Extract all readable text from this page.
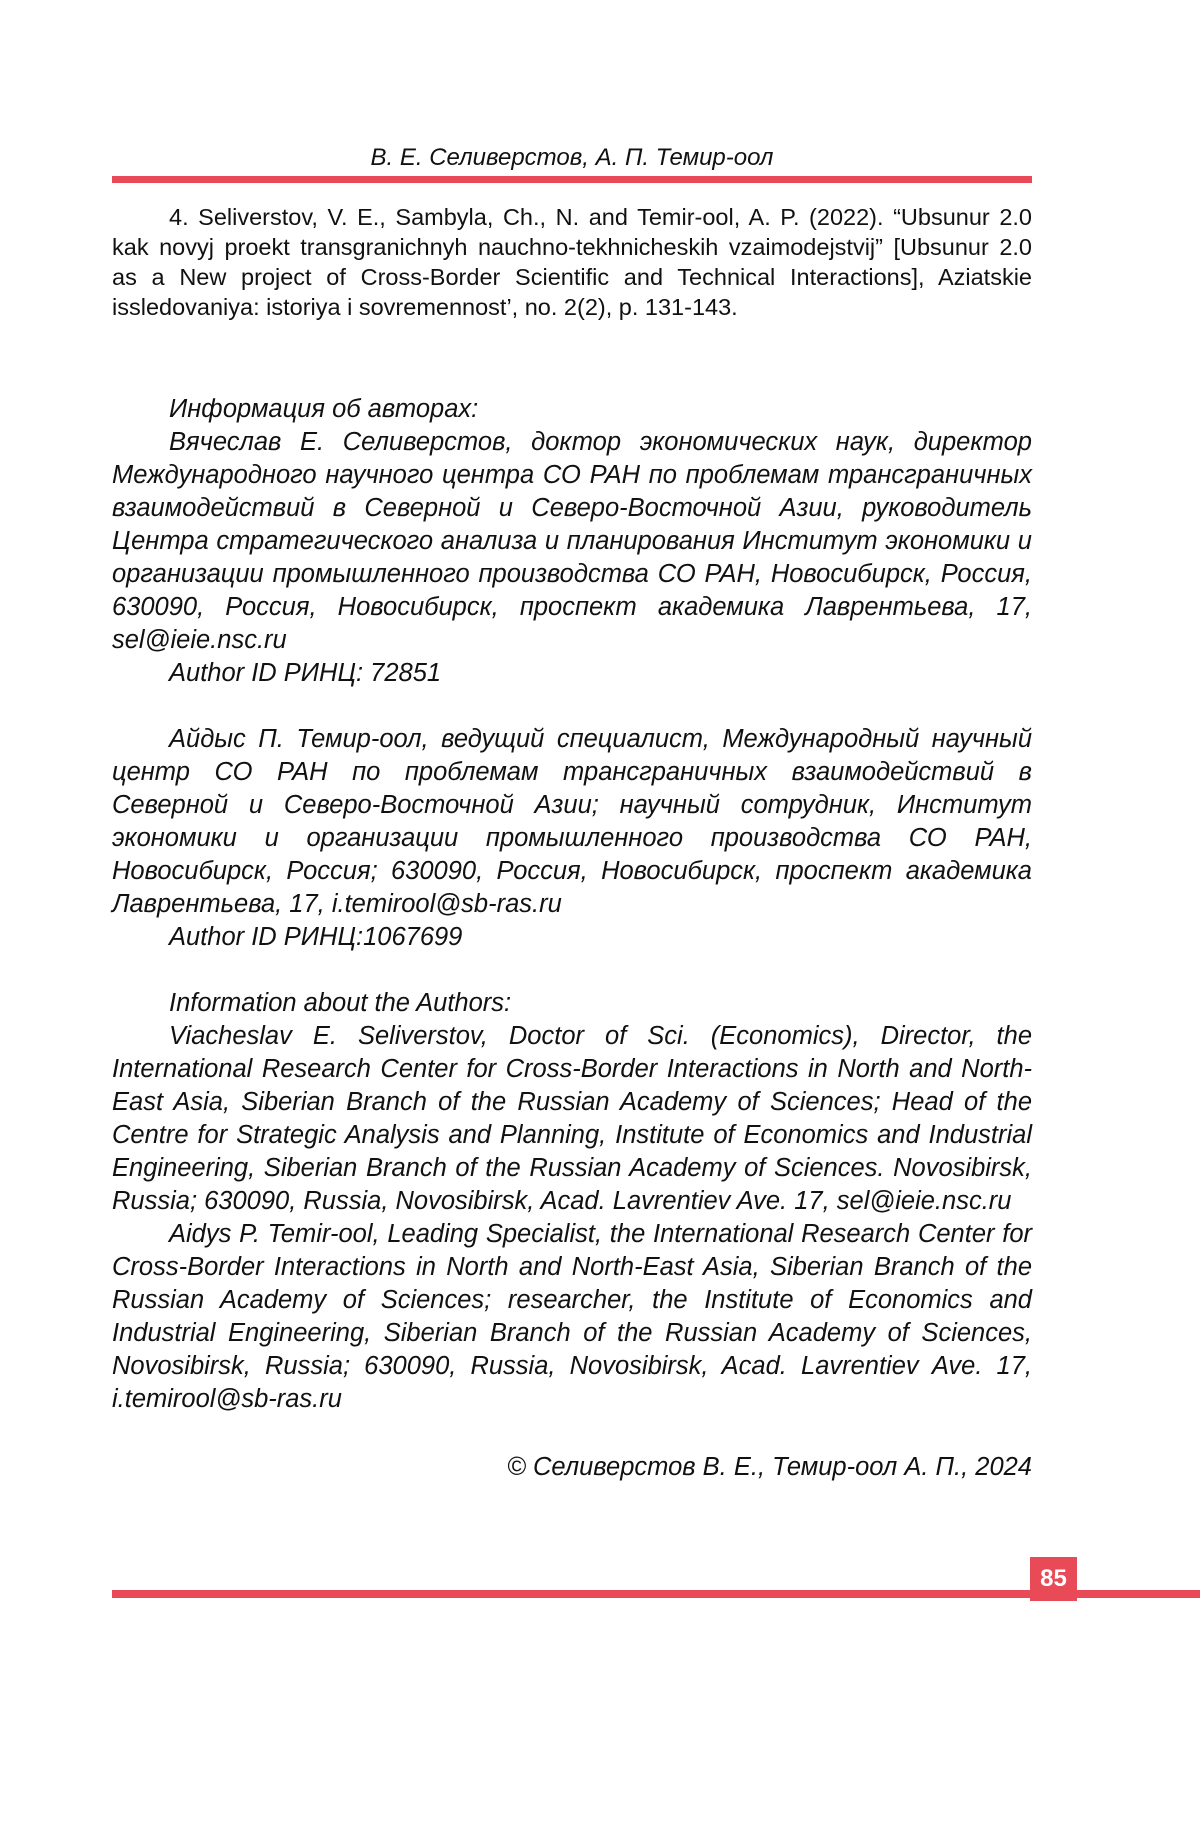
В. Е. Селиверстов, А. П. Темир-оол

4. Seliverstov, V. E., Sambyla, Ch., N. and Temir-ool, A. P. (2022). “Ubsunur 2.0 kak novyj proekt transgranichnyh nauchno-tekhnicheskih vzaimodejstvij” [Ubsunur 2.0 as a New project of Cross-Border Scientific and Technical Interactions], Aziatskie issledovaniya: istoriya i sovremennost’, no. 2(2), p. 131-143.

Информация об авторах:

Вячеслав Е. Селиверстов, доктор экономических наук, директор Международного научного центра СО РАН по проблемам трансграничных взаимодействий в Северной и Северо-Восточной Азии, руководитель Центра стратегического анализа и планирования Институт экономики и организации промышленного производства СО РАН, Новосибирск, Россия, 630090, Россия, Новосибирск, проспект академика Лаврентьева, 17, sel@ieie.nsc.ru

Author ID РИНЦ: 72851

Айдыс П. Темир-оол, ведущий специалист, Международный научный центр СО РАН по проблемам трансграничных взаимодействий в Северной и Северо-Восточной Азии; научный сотрудник, Институт экономики и организации промышленного производства СО РАН, Новосибирск, Россия; 630090, Россия, Новосибирск, проспект академика Лаврентьева, 17, i.temirool@sb-ras.ru

Author ID РИНЦ:1067699

Information about the Authors:

Viacheslav E. Seliverstov, Doctor of Sci. (Economics), Director, the International Research Center for Cross-Border Interactions in North and North-East Asia, Siberian Branch of the Russian Academy of Sciences; Head of the Centre for Strategic Analysis and Planning, Institute of Economics and Industrial Engineering, Siberian Branch of the Russian Academy of Sciences. Novosibirsk, Russia; 630090, Russia, Novosibirsk, Acad. Lavrentiev Ave. 17, sel@ieie.nsc.ru

Aidys P. Temir-ool, Leading Specialist, the International Research Center for Cross-Border Interactions in North and North-East Asia, Siberian Branch of the Russian Academy of Sciences; researcher, the Institute of Economics and Industrial Engineering, Siberian Branch of the Russian Academy of Sciences, Novosibirsk, Russia; 630090, Russia, Novosibirsk, Acad. Lavrentiev Ave. 17, i.temirool@sb-ras.ru

© Селиверстов В. Е., Темир-оол А. П., 2024

85
